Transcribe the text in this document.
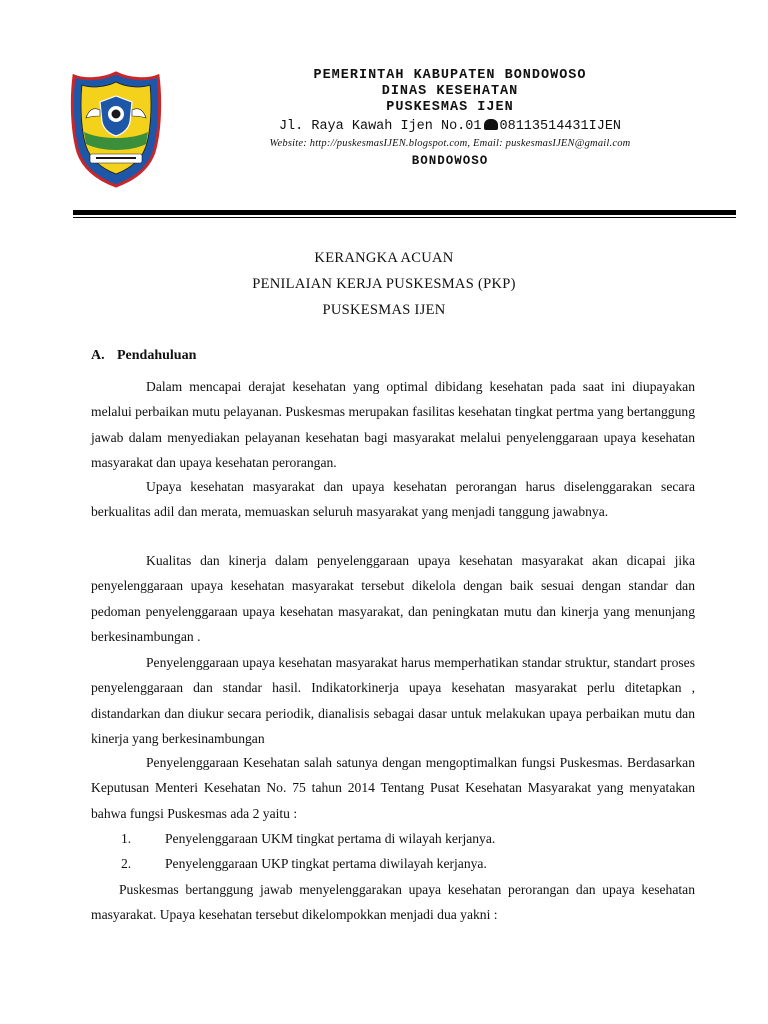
PEMERINTAH KABUPATEN BONDOWOSO
DINAS KESEHATAN
PUSKESMAS IJEN
Jl. Raya Kawah Ijen No.01 08113514431IJEN
Website: http://puskesmasIJEN.blogspot.com, Email: puskesmasIJEN@gmail.com
BONDOWOSO
KERANGKA ACUAN
PENILAIAN KERJA PUSKESMAS (PKP)
PUSKESMAS IJEN
A. Pendahuluan

Dalam mencapai derajat kesehatan yang optimal dibidang kesehatan pada saat ini diupayakan melalui perbaikan mutu pelayanan. Puskesmas merupakan fasilitas kesehatan tingkat pertma yang bertanggung jawab dalam menyediakan pelayanan kesehatan bagi masyarakat melalui penyelenggaraan upaya kesehatan masyarakat dan upaya kesehatan perorangan.

Upaya kesehatan masyarakat dan upaya kesehatan perorangan harus diselenggarakan secara berkualitas adil dan merata, memuaskan seluruh masyarakat yang menjadi tanggung jawabnya.

Kualitas dan kinerja dalam penyelenggaraan upaya kesehatan masyarakat akan dicapai jika penyelenggaraan upaya kesehatan masyarakat tersebut dikelola dengan baik sesuai dengan standar dan pedoman penyelenggaraan upaya kesehatan masyarakat, dan peningkatan mutu dan kinerja yang menunjang berkesinambungan .

Penyelenggaraan upaya kesehatan masyarakat harus memperhatikan standar struktur, standart proses penyelenggaraan dan standar hasil. Indikatorkinerja upaya kesehatan masyarakat perlu ditetapkan , distandarkan dan diukur secara periodik, dianalisis sebagai dasar untuk melakukan upaya perbaikan mutu dan kinerja yang berkesinambungan

Penyelenggaraan Kesehatan salah satunya dengan mengoptimalkan fungsi Puskesmas. Berdasarkan Keputusan Menteri Kesehatan No. 75 tahun 2014 Tentang Pusat Kesehatan Masyarakat yang menyatakan bahwa fungsi Puskesmas ada 2 yaitu :

1. Penyelenggaraan UKM tingkat pertama di wilayah kerjanya.
2. Penyelenggaraan UKP tingkat pertama diwilayah kerjanya.

Puskesmas bertanggung jawab menyelenggarakan upaya kesehatan perorangan dan upaya kesehatan masyarakat. Upaya kesehatan tersebut dikelompokkan menjadi dua yakni :
